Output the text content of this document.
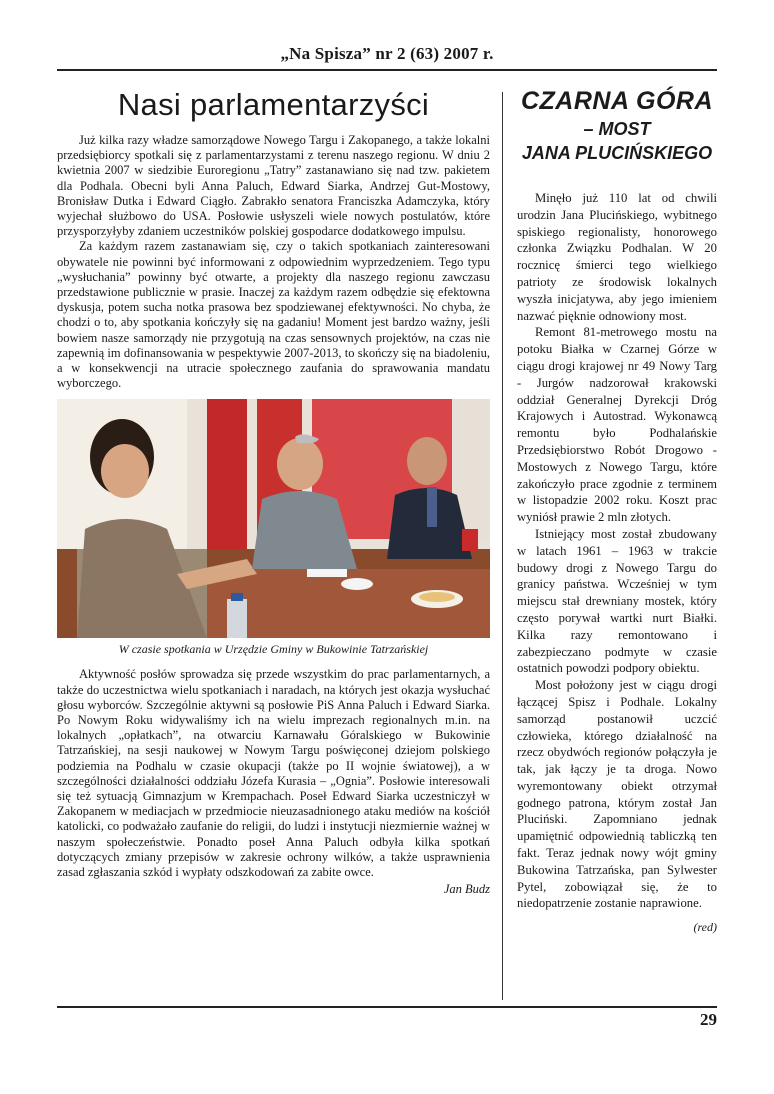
„Na Spisza” nr 2 (63) 2007 r.
Nasi parlamentarzyści

Już kilka razy władze samorządowe Nowego Targu i Zakopanego, a także lokalni przedsiębiorcy spotkali się z parlamentarzystami z terenu naszego regionu. W dniu 2 kwietnia 2007 w siedzibie Euroregionu „Tatry” zastanawiano się nad tzw. pakietem dla Podhala. Obecni byli Anna Paluch, Edward Siarka, Andrzej Gut-Mostowy, Bronisław Dutka i Edward Ciągło. Zabrakło senatora Franciszka Adamczyka, który wyjechał służbowo do USA. Posłowie usłyszeli wiele nowych postulatów, które przysporzyłyby zdaniem uczestników polskiej gospodarce dodatkowego impulsu.

Za każdym razem zastanawiam się, czy o takich spotkaniach zainteresowani obywatele nie powinni być informowani z odpowiednim wyprzedzeniem. Tego typu „wysłuchania” powinny być otwarte, a projekty dla naszego regionu zawczasu przedstawione publicznie w prasie. Inaczej za każdym razem odbędzie się efektowna dyskusja, potem sucha notka prasowa bez spodziewanej efektywności. No chyba, że chodzi o to, aby spotkania kończyły się na gadaniu! Moment jest bardzo ważny, jeśli bowiem nasze samorządy nie przygotują na czas sensownych projektów, na czas nie zapewnią im dofinansowania w pespektywie 2007-2013, to skończy się na biadoleniu, a w konsekwencji na utracie społecznego zaufania do sprawowania mandatu wyborczego.

W czasie spotkania w Urzędzie Gminy w Bukowinie Tatrzańskiej

Aktywność posłów sprowadza się przede wszystkim do prac parlamentarnych, a także do uczestnictwa wielu spotkaniach i naradach, na których jest okazja wysłuchać głosu wyborców. Szczególnie aktywni są posłowie PiS Anna Paluch i Edward Siarka. Po Nowym Roku widywaliśmy ich na wielu imprezach regionalnych m.in. na lokalnych „opłatkach”, na otwarciu Karnawału Góralskiego w Bukowinie Tatrzańskiej, na sesji naukowej w Nowym Targu poświęconej dziejom polskiego podziemia na Podhalu w czasie okupacji (także po II wojnie światowej), a w szczególności działalności oddziału Józefa Kurasia – „Ognia”. Posłowie interesowali się też sytuacją Gimnazjum w Krempachach. Poseł Edward Siarka uczestniczył w Zakopanem w mediacjach w przedmiocie nieuzasadnionego ataku mediów na kościół katolicki, co podważało zaufanie do religii, do ludzi i instytucji niezmiernie ważnej w naszym społeczeństwie. Ponadto poseł Anna Paluch odbyła kilka spotkań dotyczących zmiany przepisów w zakresie ochrony wilków, a także usprawnienia zasad zgłaszania szkód i wypłaty odszkodowań za zabite owce.

Jan Budz
CZARNA GÓRA
– MOST
JANA PLUCIŃSKIEGO

Minęło już 110 lat od chwili urodzin Jana Plucińskiego, wybitnego spiskiego regionalisty, honorowego członka Związku Podhalan. W 20 rocznicę śmierci tego wielkiego patrioty ze środowisk lokalnych wyszła inicjatywa, aby jego imieniem nazwać pięknie odnowiony most.

Remont 81-metrowego mostu na potoku Białka w Czarnej Górze w ciągu drogi krajowej nr 49 Nowy Targ - Jurgów nadzorował krakowski oddział Generalnej Dyrekcji Dróg Krajowych i Autostrad. Wykonawcą remontu było Podhalańskie Przedsiębiorstwo Robót Drogowo - Mostowych z Nowego Targu, które zakończyło prace zgodnie z terminem w listopadzie 2002 roku. Koszt prac wyniósł prawie 2 mln złotych.

Istniejący most został zbudowany w latach 1961 – 1963 w trakcie budowy drogi z Nowego Targu do granicy państwa. Wcześniej w tym miejscu stał drewniany mostek, który często porywał wartki nurt Białki. Kilka razy remontowano i zabezpieczano podmyte w czasie ostatnich powodzi podpory obiektu.

Most położony jest w ciągu drogi łączącej Spisz i Podhale. Lokalny samorząd postanowił uczcić człowieka, którego działalność na rzecz obydwóch regionów połączyła je tak, jak łączy je ta droga. Nowo wyremontowany obiekt otrzymał godnego patrona, którym został Jan Pluciński. Zapomniano jednak upamiętnić odpowiednią tabliczką ten fakt. Teraz jednak nowy wójt gminy Bukowina Tatrzańska, pan Sylwester Pytel, zobowiązał się, że to niedopatrzenie zostanie naprawione.

(red)
29
